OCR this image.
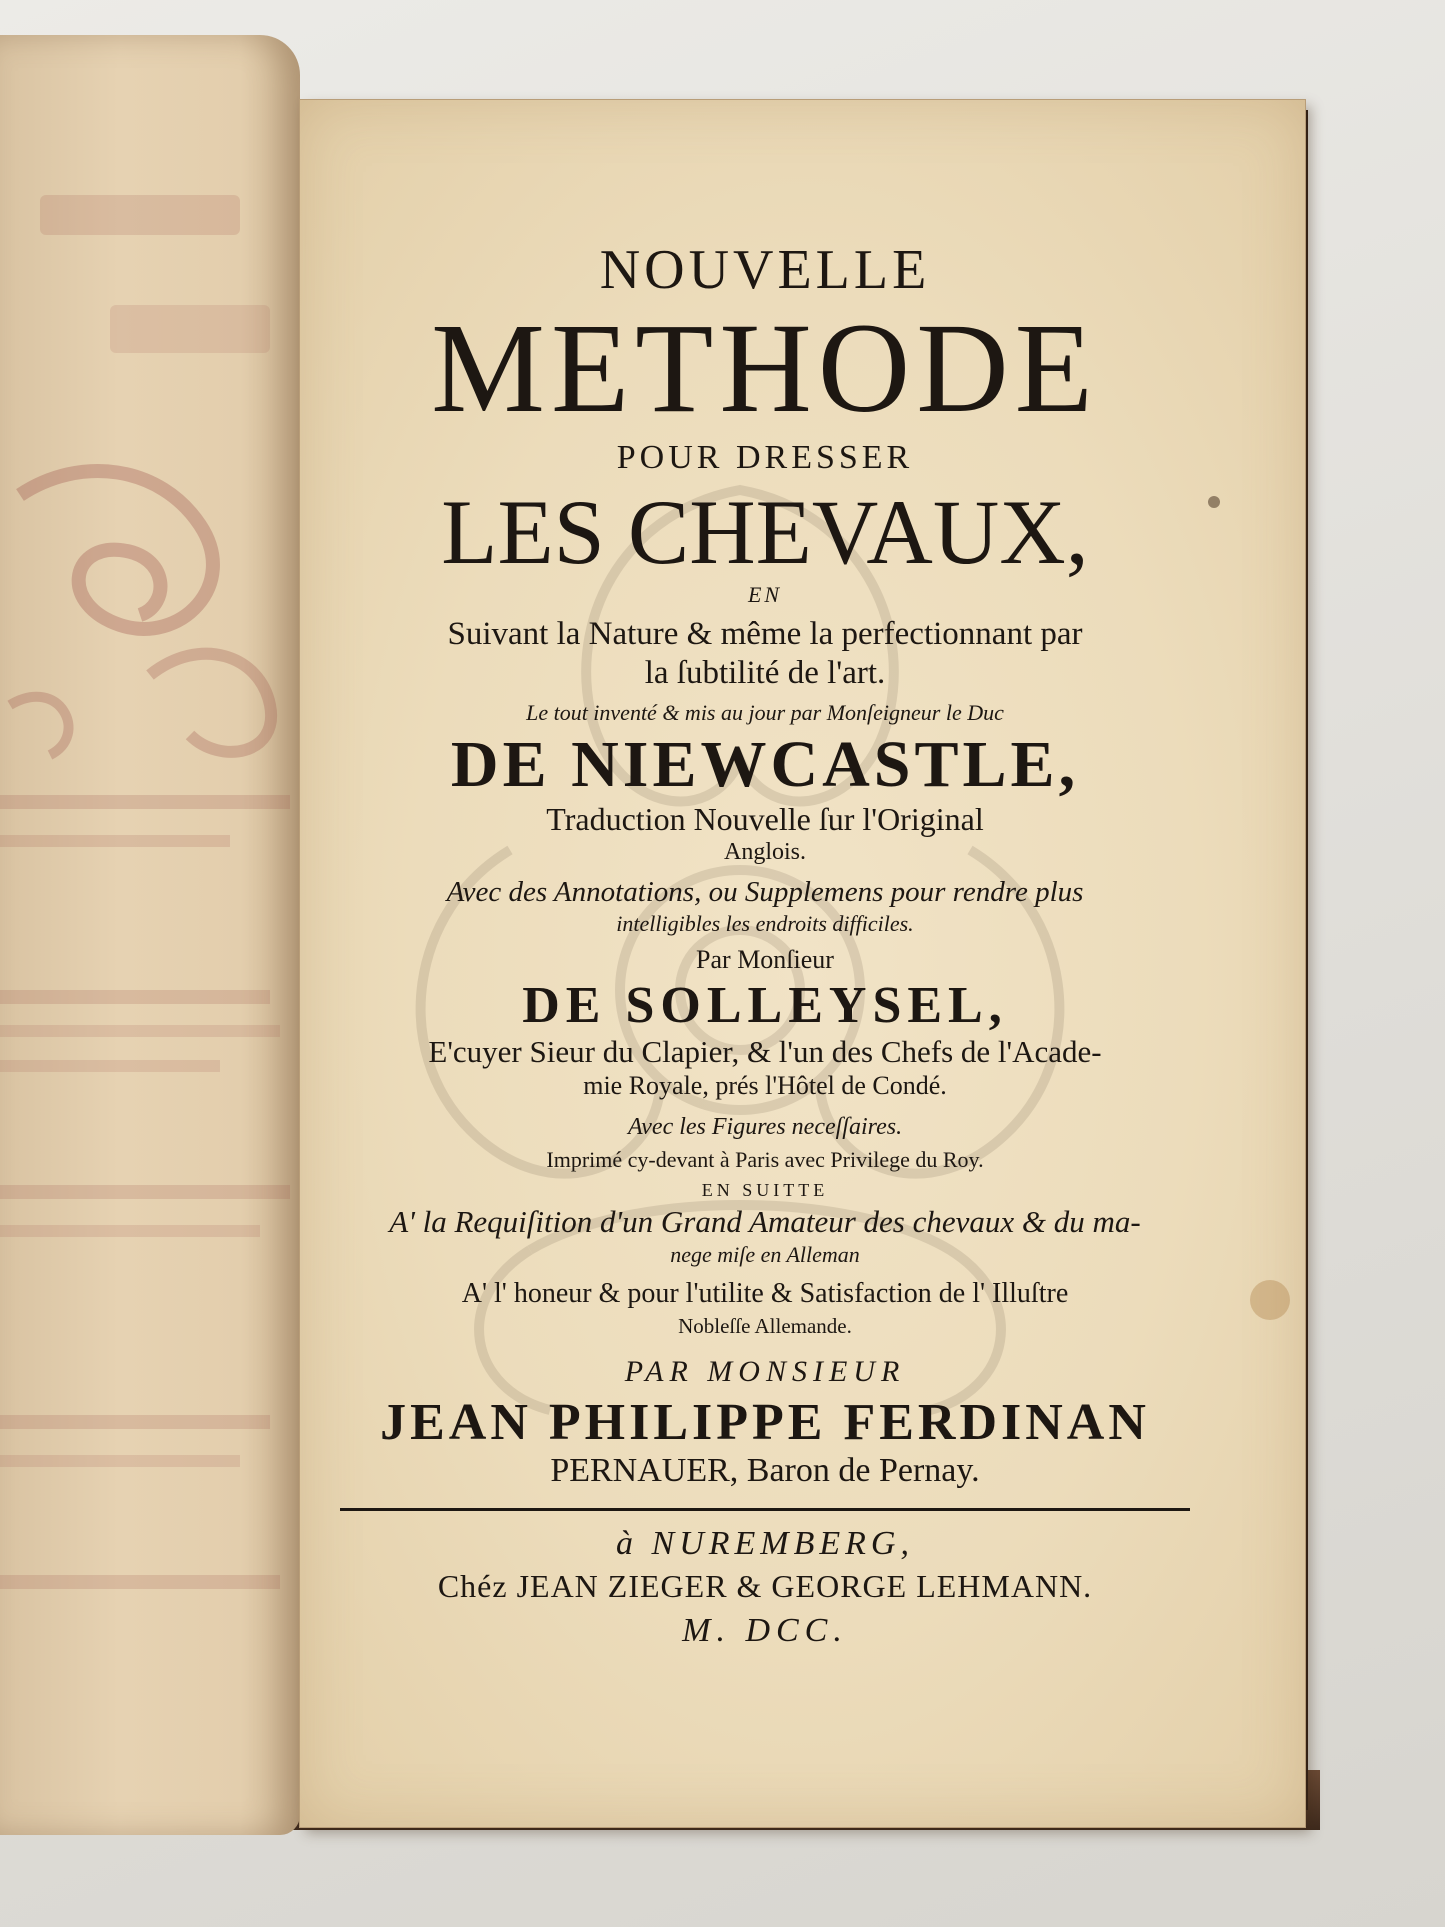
NOUVELLE
METHODE
POUR DRESSER
LES CHEVAUX,
EN
Suivant la Nature & même la perfectionnant par
la ſubtilité de l'art.
Le tout inventé & mis au jour par Monſeigneur le Duc
DE NIEWCASTLE,
Traduction Nouvelle ſur l'Original
Anglois.
Avec des Annotations, ou Supplemens pour rendre plus
intelligibles les endroits difficiles.
Par Monſieur
DE SOLLEYSEL,
E'cuyer Sieur du Clapier, & l'un des Chefs de l'Acade-
mie Royale, prés l'Hôtel de Condé.
Avec les Figures neceſſaires.
Imprimé cy-devant à Paris avec Privilege du Roy.
EN SUITTE
A' la Requiſition d'un Grand Amateur des chevaux & du ma-
nege miſe en Alleman
A' l' honeur & pour l'utilite & Satisfaction de l' Illuſtre
Nobleſſe Allemande.
PAR MONSIEUR
JEAN PHILIPPE FERDINAN
PERNAUER, Baron de Pernay.
à NUREMBERG,
Chéz JEAN ZIEGER & GEORGE LEHMANN.
M. DCC.
